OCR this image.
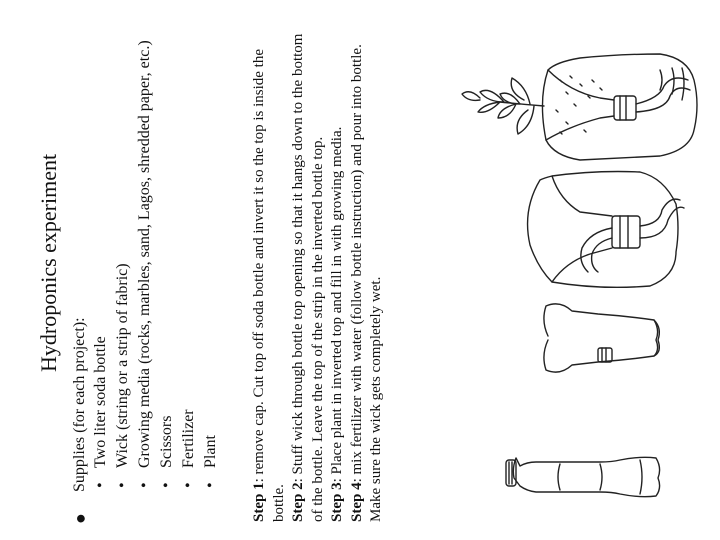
Hydroponics experiment
●
Supplies (for each project): •
Two liter soda bottle
•
Wick (string or a strip of fabric)
•
Growing media (rocks, marbles, sand, Lagos, shredded paper, etc.)
•
Scissors
•
Fertilizer
•
Plant

Step 1: remove cap. Cut top off soda bottle and invert it so the top is inside the bottle. Step 2: Stuff wick through bottle top opening so that it hangs down to the bottom of the bottle. Leave the top of the strip in the inverted bottle top. Step 3: Place plant in inverted top and fill in with growing media.

Step 4: mix fertilizer with water (follow bottle instruction) and pour into bottle. Make sure the wick gets completely wet.
